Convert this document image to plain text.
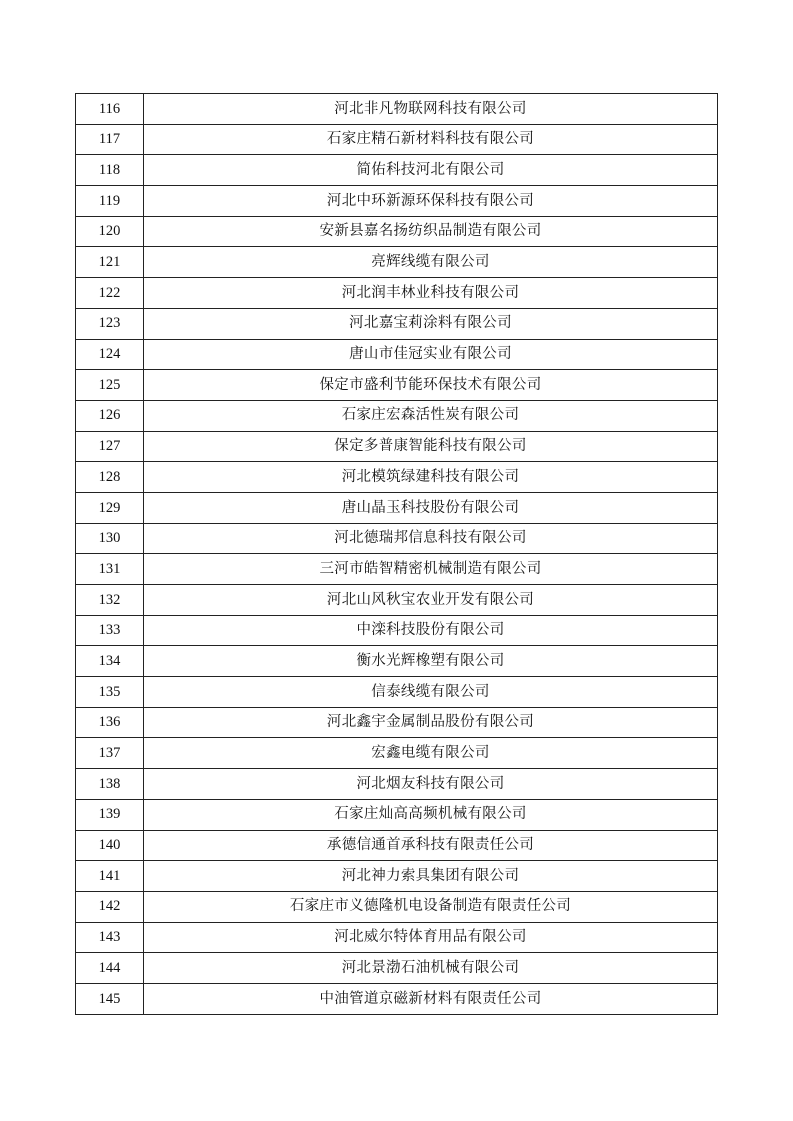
116	河北非凡物联网科技有限公司
117	石家庄精石新材料科技有限公司
118	简佑科技河北有限公司
119	河北中环新源环保科技有限公司
120	安新县嘉名扬纺织品制造有限公司
121	亮辉线缆有限公司
122	河北润丰林业科技有限公司
123	河北嘉宝莉涂料有限公司
124	唐山市佳冠实业有限公司
125	保定市盛利节能环保技术有限公司
126	石家庄宏森活性炭有限公司
127	保定多普康智能科技有限公司
128	河北模筑绿建科技有限公司
129	唐山晶玉科技股份有限公司
130	河北德瑞邦信息科技有限公司
131	三河市皓智精密机械制造有限公司
132	河北山风秋宝农业开发有限公司
133	中滦科技股份有限公司
134	衡水光辉橡塑有限公司
135	信泰线缆有限公司
136	河北鑫宇金属制品股份有限公司
137	宏鑫电缆有限公司
138	河北烟友科技有限公司
139	石家庄灿高高频机械有限公司
140	承德信通首承科技有限责任公司
141	河北神力索具集团有限公司
142	石家庄市义德隆机电设备制造有限责任公司
143	河北威尔特体育用品有限公司
144	河北景渤石油机械有限公司
145	中油管道京磁新材料有限责任公司
